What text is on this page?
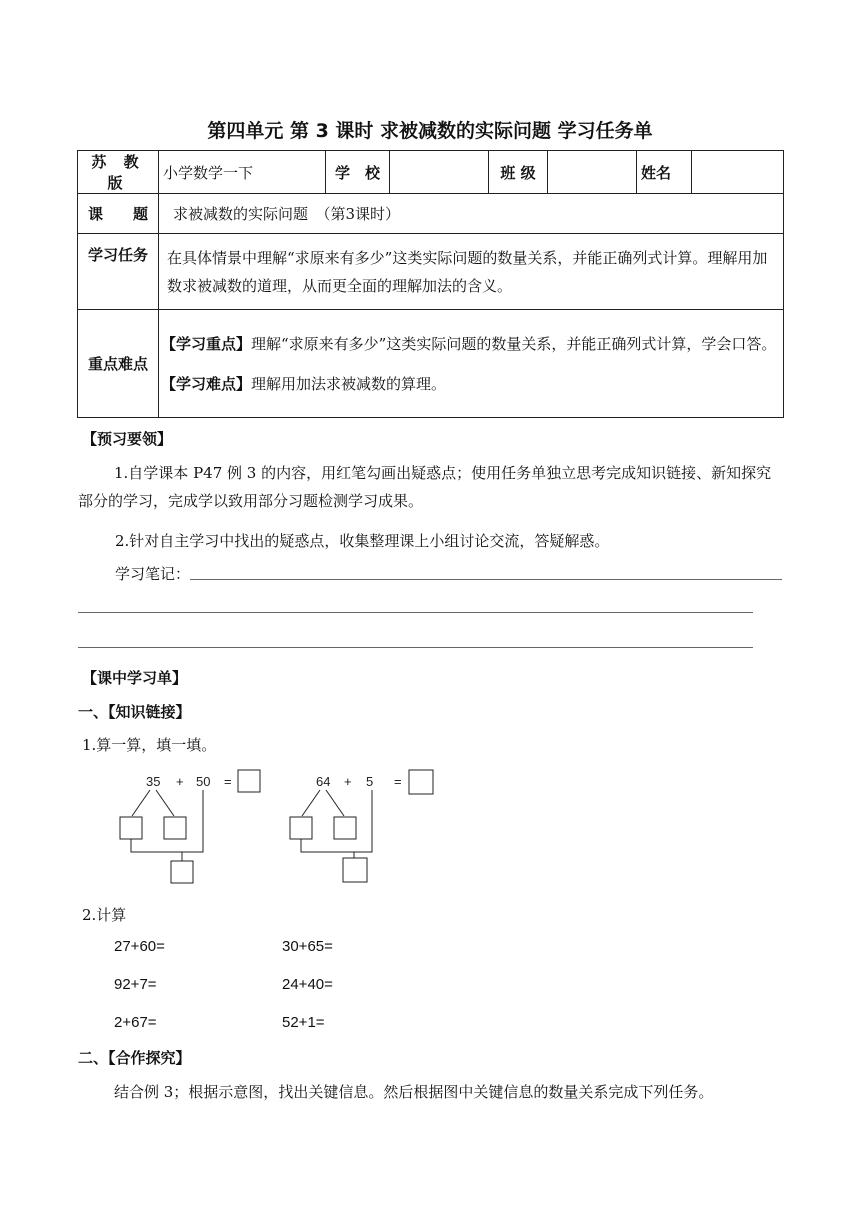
第四单元 第 3 课时 求被减数的实际问题 学习任务单
苏 教 版	小学数学一下	学　校		班 级		姓名	
课　　题	求被减数的实际问题　（第3课时）						
学习任务	在具体情景中理解“求原来有多少”这类实际问题的数量关系，并能正确列式计算。理解用加数求被减数的道理，从而更全面的理解加法的含义。						
重点难点	【学习重点】理解“求原来有多少”这类实际问题的数量关系，并能正确列式计算，学会口答。
【学习难点】理解用加法求被减数的算理。						
【预习要领】
1.自学课本 P47 例 3 的内容，用红笔勾画出疑惑点；使用任务单独立思考完成知识链接、新知探究部分的学习，完成学以致用部分习题检测学习成果。
2.针对自主学习中找出的疑惑点，收集整理课上小组讨论交流，答疑解惑。
学习笔记：
【课中学习单】
一、【知识链接】
1.算一算，填一填。
35 + 50 =	64 + 5 =
2.计算
27+60=	30+65=
92+7=	24+40=
2+67=	52+1=
二、【合作探究】
结合例 3；根据示意图，找出关键信息。然后根据图中关键信息的数量关系完成下列任务。
